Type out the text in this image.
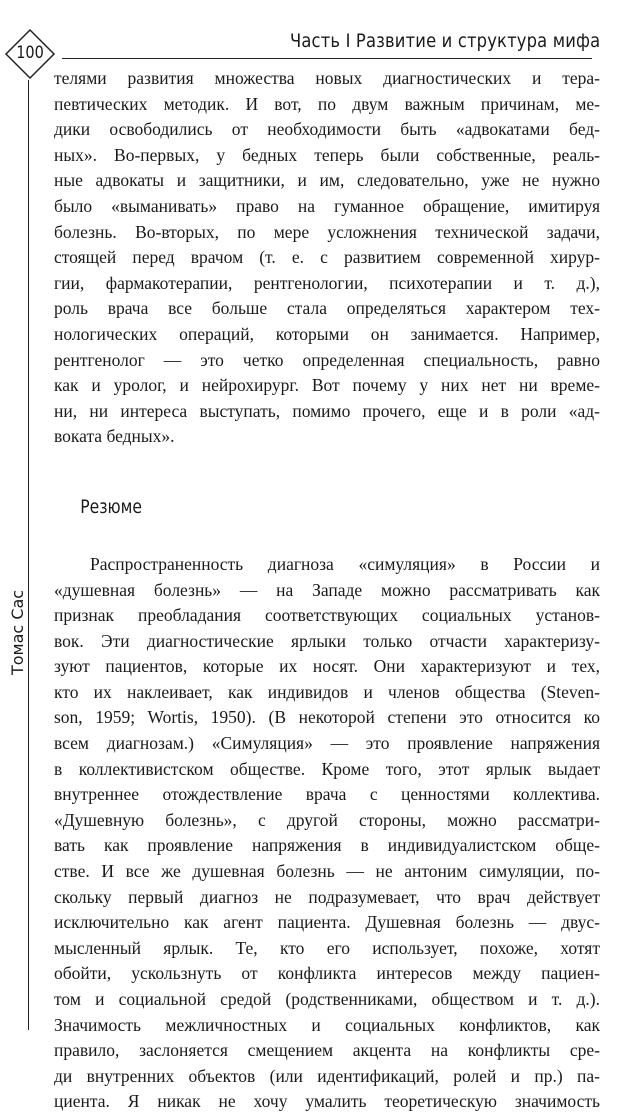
100
Часть I Развитие и структура мифа
Томас Сас
телями развития множества новых диагностических и тера-
певтических методик. И вот, по двум важным причинам, ме-
дики освободились от необходимости быть «адвокатами бед-
ных». Во-первых, у бедных теперь были собственные, реаль-
ные адвокаты и защитники, и им, следовательно, уже не нужно
было «выманивать» право на гуманное обращение, имитируя
болезнь. Во-вторых, по мере усложнения технической задачи,
стоящей перед врачом (т. е. с развитием современной хирур-
гии, фармакотерапии, рентгенологии, психотерапии и т. д.),
роль врача все больше стала определяться характером тех-
нологических операций, которыми он занимается. Например,
рентгенолог — это четко определенная специальность, равно
как и уролог, и нейрохирург. Вот почему у них нет ни време-
ни, ни интереса выступать, помимо прочего, еще и в роли «ад-
воката бедных».
Резюме
Распространенность диагноза «симуляция» в России и
«душевная болезнь» — на Западе можно рассматривать как
признак преобладания соответствующих социальных установ-
вок. Эти диагностические ярлыки только отчасти характеризу-
зуют пациентов, которые их носят. Они характеризуют и тех,
кто их наклеивает, как индивидов и членов общества (Steven-
son, 1959; Wortis, 1950). (В некоторой степени это относится ко
всем диагнозам.) «Симуляция» — это проявление напряжения
в коллективистском обществе. Кроме того, этот ярлык выдает
внутреннее отождествление врача с ценностями коллектива.
«Душевную болезнь», с другой стороны, можно рассматри-
вать как проявление напряжения в индивидуалистском обще-
стве. И все же душевная болезнь — не антоним симуляции, по-
скольку первый диагноз не подразумевает, что врач действует
исключительно как агент пациента. Душевная болезнь — двус-
мысленный ярлык. Те, кто его использует, похоже, хотят
обойти, ускользнуть от конфликта интересов между пациен-
том и социальной средой (родственниками, обществом и т. д.).
Значимость межличностных и социальных конфликтов, как
правило, заслоняется смещением акцента на конфликты сре-
ди внутренних объектов (или идентификаций, ролей и пр.) па-
циента. Я никак не хочу умалить теоретическую значимость
